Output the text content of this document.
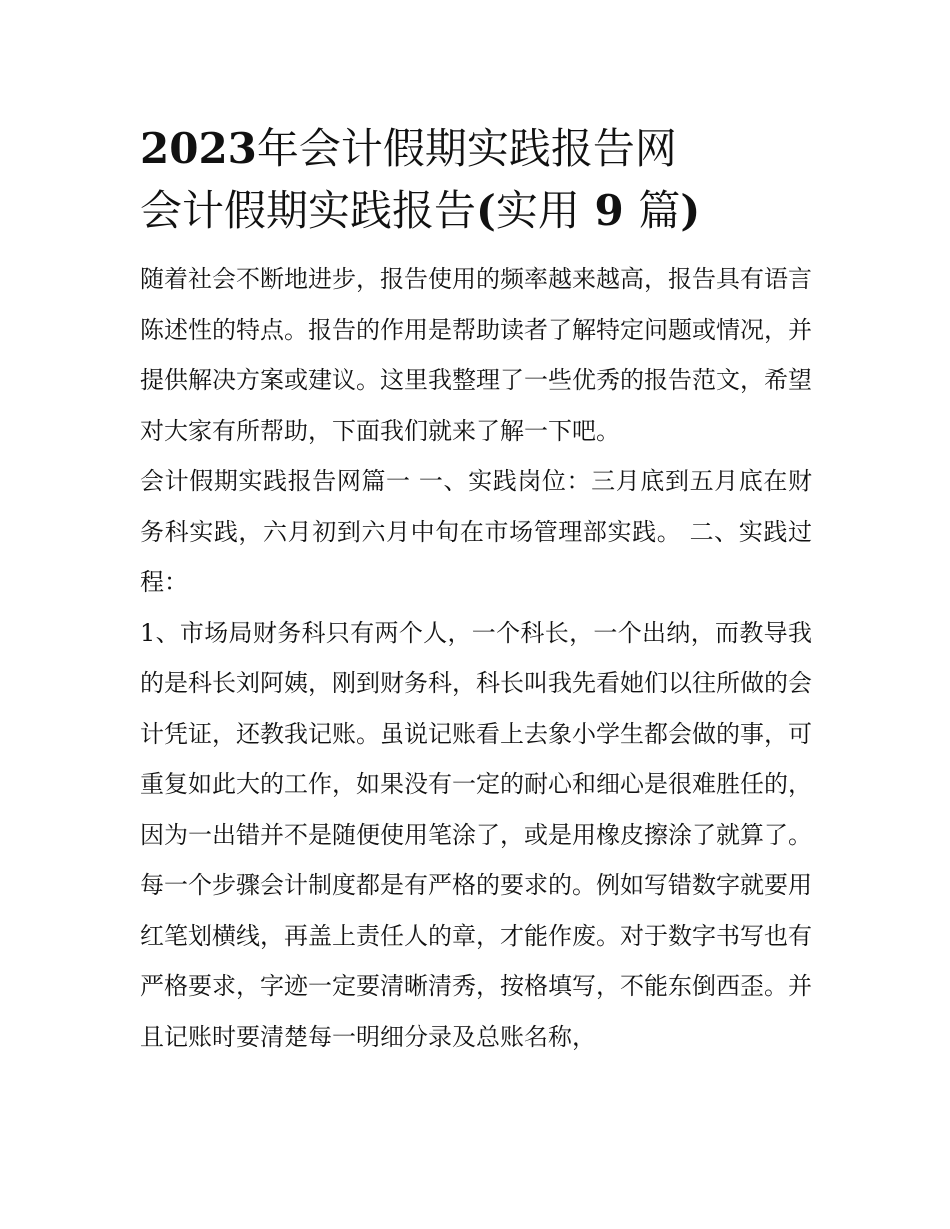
2023年会计假期实践报告网
会计假期实践报告(实用 9 篇)

随着社会不断地进步，报告使用的频率越来越高，报告具有语言陈述性的特点。报告的作用是帮助读者了解特定问题或情况，并提供解决方案或建议。这里我整理了一些优秀的报告范文，希望对大家有所帮助，下面我们就来了解一下吧。

会计假期实践报告网篇一 一、实践岗位：三月底到五月底在财务科实践，六月初到六月中旬在市场管理部实践。 二、实践过程：

1、市场局财务科只有两个人，一个科长，一个出纳，而教导我的是科长刘阿姨，刚到财务科，科长叫我先看她们以往所做的会计凭证，还教我记账。虽说记账看上去象小学生都会做的事，可重复如此大的工作，如果没有一定的耐心和细心是很难胜任的，因为一出错并不是随便使用笔涂了，或是用橡皮擦涂了就算了。每一个步骤会计制度都是有严格的要求的。例如写错数字就要用红笔划横线，再盖上责任人的章，才能作废。对于数字书写也有严格要求，字迹一定要清晰清秀，按格填写，不能东倒西歪。并且记账时要清楚每一明细分录及总账名称，
